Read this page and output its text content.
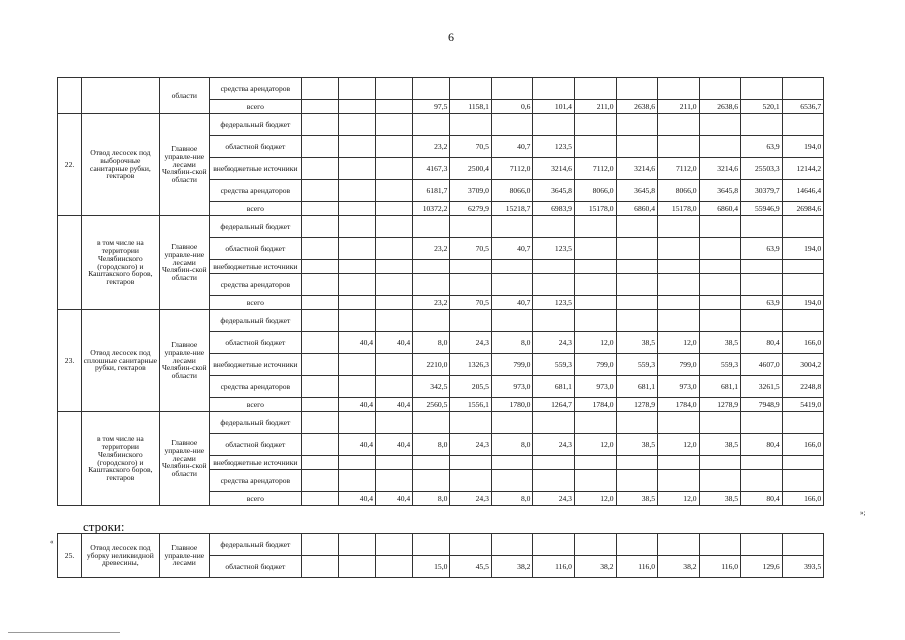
6
		области	средства арендаторов													
			всего				97,5	1158,1	0,6	101,4	211,0	2638,6	211,0	2638,6	520,1	6536,7
22.	Отвод лесосек под выборочные санитарные рубки, гектаров	Главное управле-ние лесами Челябин-ской области	федеральный бюджет													
			областной бюджет				23,2	70,5	40,7	123,5					63,9	194,0
			внебюджетные источники				4167,3	2500,4	7112,0	3214,6	7112,0	3214,6	7112,0	3214,6	25503,3	12144,2
			средства арендаторов				6181,7	3709,0	8066,0	3645,8	8066,0	3645,8	8066,0	3645,8	30379,7	14646,4
			всего				10372,2	6279,9	15218,7	6983,9	15178,0	6860,4	15178,0	6860,4	55946,9	26984,6
	в том числе на территории Челябинского (городского) и Каштакского боров, гектаров	Главное управле-ние лесами Челябин-ской области	федеральный бюджет													
			областной бюджет				23,2	70,5	40,7	123,5					63,9	194,0
			внебюджетные источники													
			средства арендаторов													
			всего				23,2	70,5	40,7	123,5					63,9	194,0
23.	Отвод лесосек под сплошные санитарные рубки, гектаров	Главное управле-ние лесами Челябин-ской области	федеральный бюджет													
			областной бюджет		40,4	40,4	8,0	24,3	8,0	24,3	12,0	38,5	12,0	38,5	80,4	166,0
			внебюджетные источники				2210,0	1326,3	799,0	559,3	799,0	559,3	799,0	559,3	4607,0	3004,2
			средства арендаторов				342,5	205,5	973,0	681,1	973,0	681,1	973,0	681,1	3261,5	2248,8
			всего		40,4	40,4	2560,5	1556,1	1780,0	1264,7	1784,0	1278,9	1784,0	1278,9	7948,9	5419,0
	в том числе на территории Челябинского (городского) и Каштакского боров, гектаров	Главное управле-ние лесами Челябин-ской области	федеральный бюджет													
			областной бюджет		40,4	40,4	8,0	24,3	8,0	24,3	12,0	38,5	12,0	38,5	80,4	166,0
			внебюджетные источники													
			средства арендаторов													
			всего		40,4	40,4	8,0	24,3	8,0	24,3	12,0	38,5	12,0	38,5	80,4	166,0
строки:
«
»;
25.	Отвод лесосек под уборку неликвидной древесины,	Главное управле-ние лесами	федеральный бюджет													
			областной бюджет				15,0	45,5	38,2	116,0	38,2	116,0	38,2	116,0	129,6	393,5
